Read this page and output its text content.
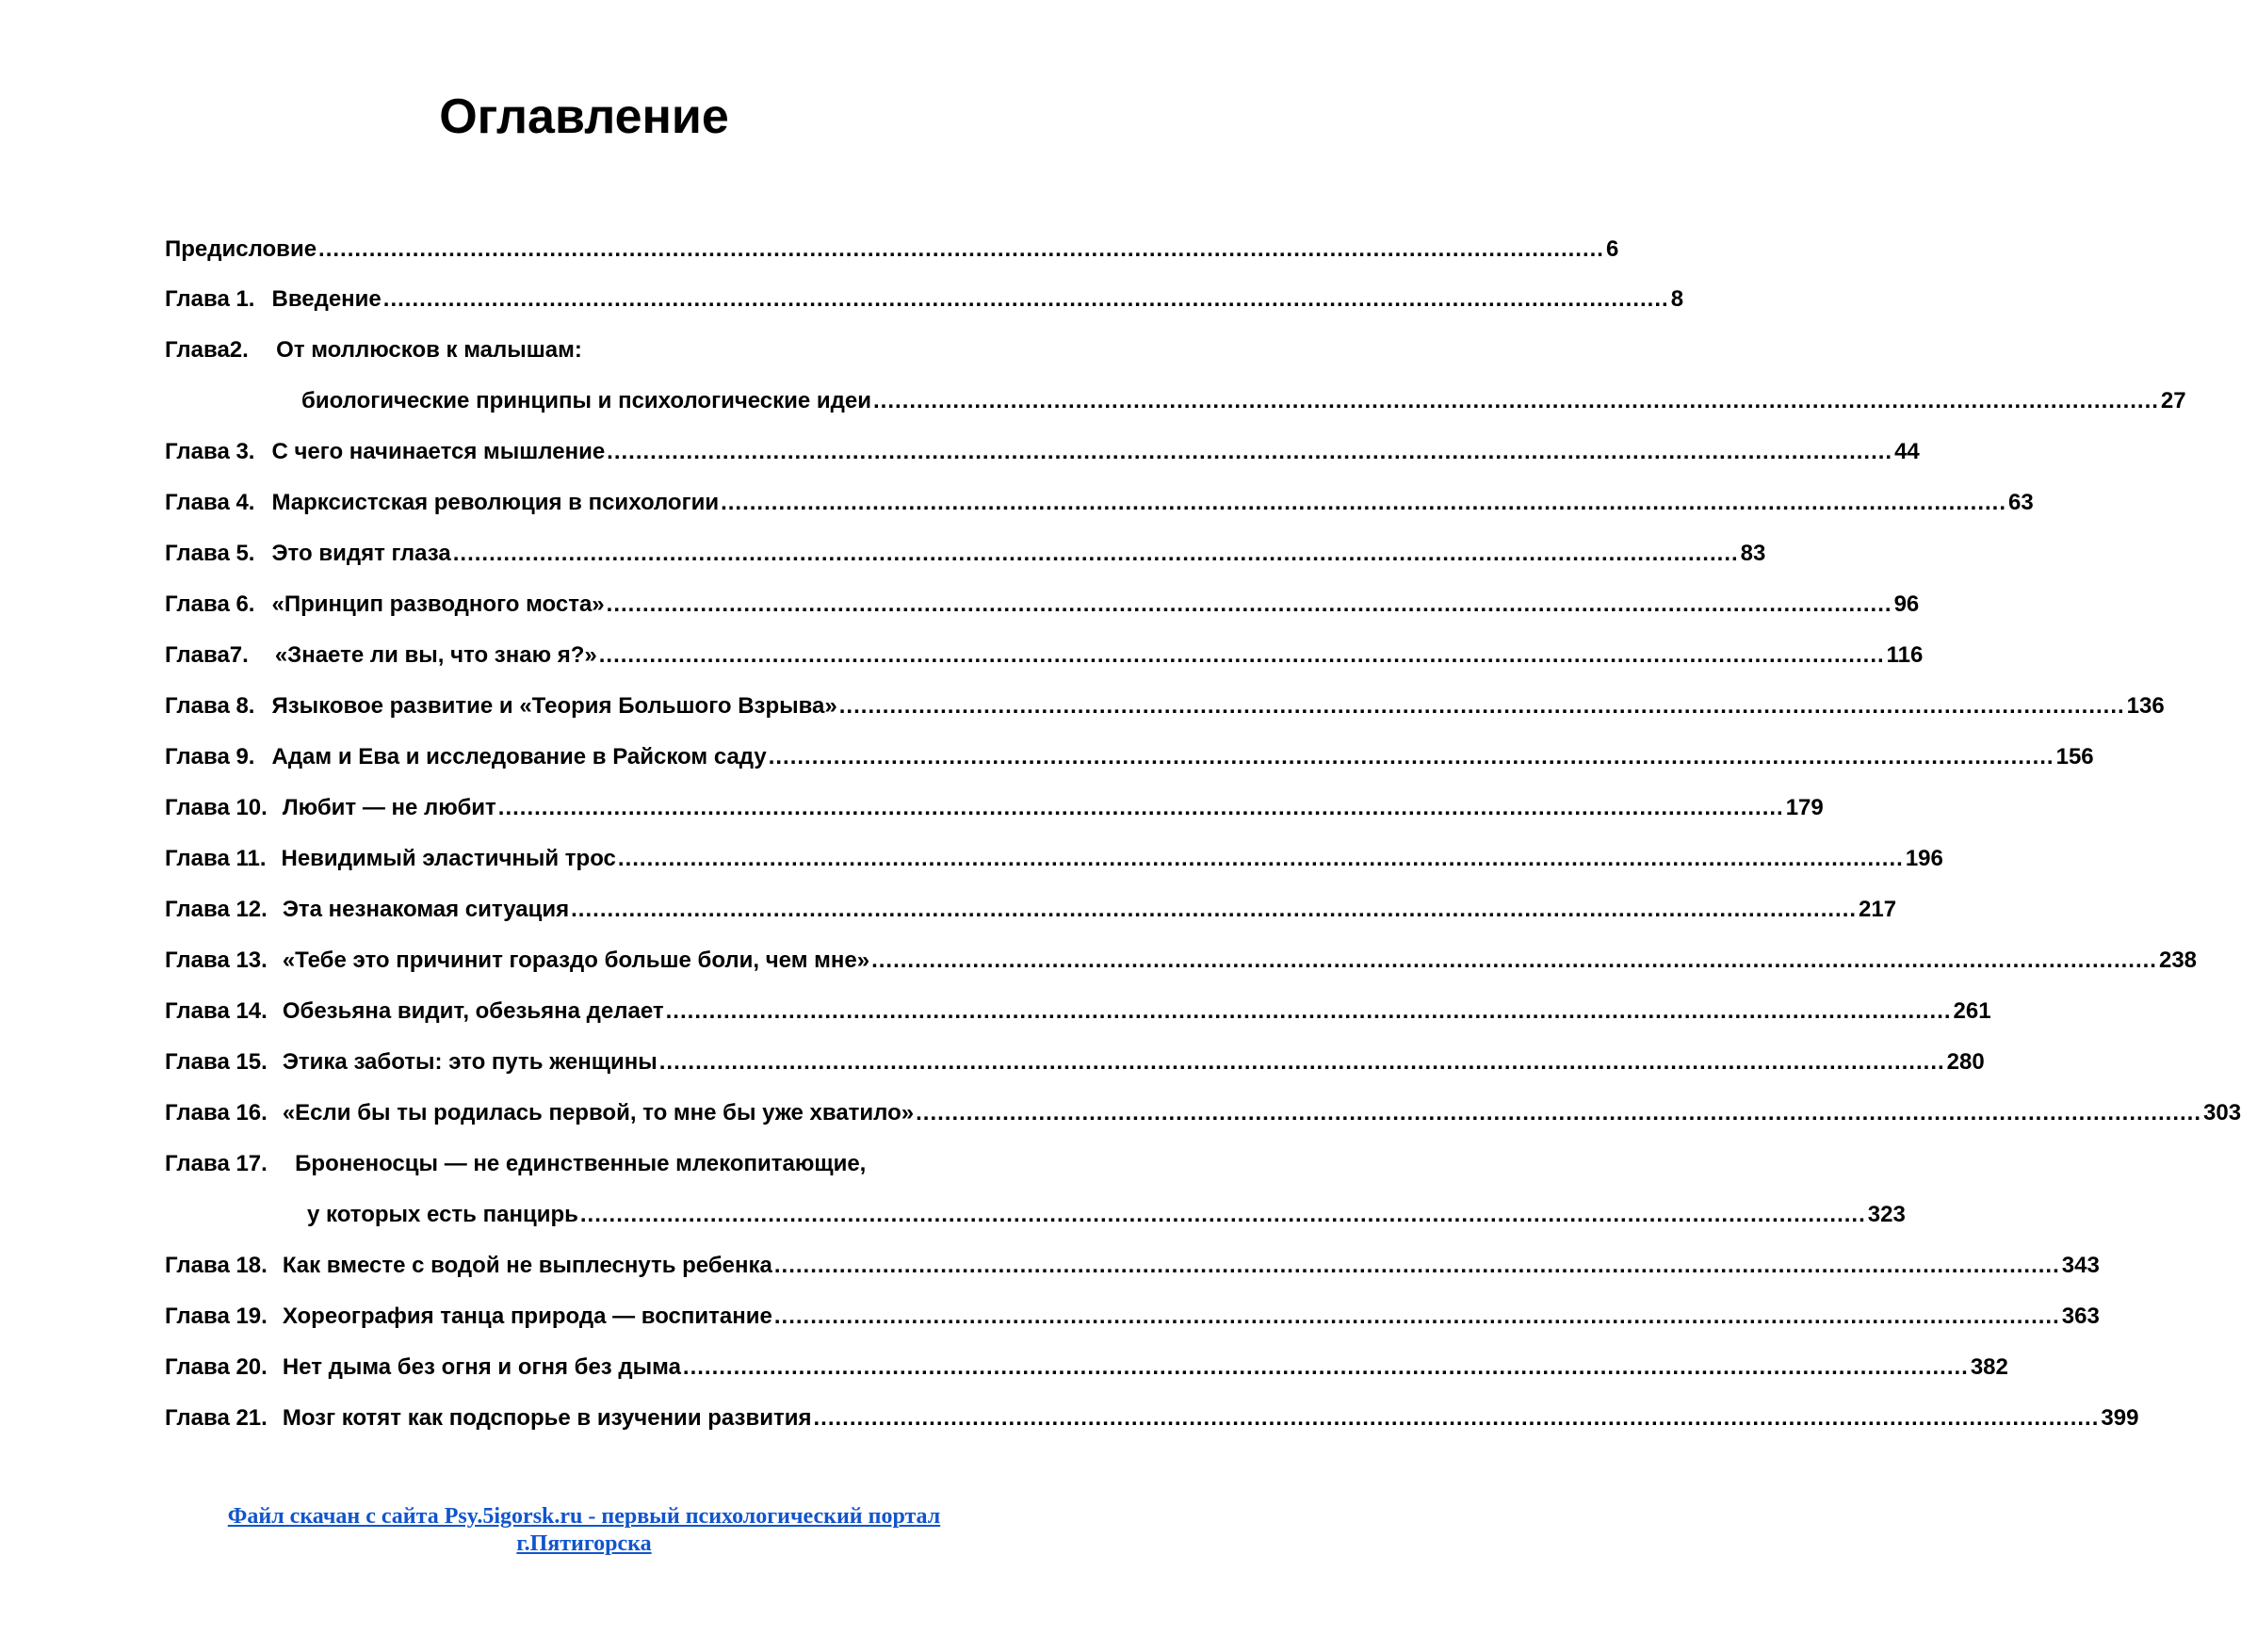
Оглавление
Предисловие .....	6
Глава 1. Введение .....	8
Глава2. От моллюсков к малышам:
биологические принципы и психологические идеи .....	27
Глава 3. С чего начинается мышление .....	44
Глава 4. Марксистская революция в психологии .....	63
Глава 5. Это видят глаза .....	83
Глава 6. «Принцип разводного моста» .....	96
Глава7. «Знаете ли вы, что знаю я?» .....	116
Глава 8. Языковое развитие и «Теория Большого Взрыва» .....	136
Глава 9. Адам и Ева и исследование в Райском саду .....	156
Глава 10. Любит — не любит .....	179
Глава 11. Невидимый эластичный трос .....	196
Глава 12. Эта незнакомая ситуация .....	217
Глава 13. «Тебе это причинит гораздо больше боли, чем мне» .....	238
Глава 14. Обезьяна видит, обезьяна делает .....	261
Глава 15. Этика заботы: это путь женщины .....	280
Глава 16. «Если бы ты родилась первой, то мне бы уже хватило» .....	303
Глава 17. Броненосцы — не единственные млекопитающие,
у которых есть панцирь .....	323
Глава 18. Как вместе с водой не выплеснуть ребенка .....	343
Глава 19. Хореография танца природа — воспитание .....	363
Глава 20. Нет дыма без огня и огня без дыма .....	382
Глава 21. Мозг котят как подспорье в изучении развития .....	399
Файл скачан с сайта Psy.5igorsk.ru - первый психологический портал
г.Пятигорска
